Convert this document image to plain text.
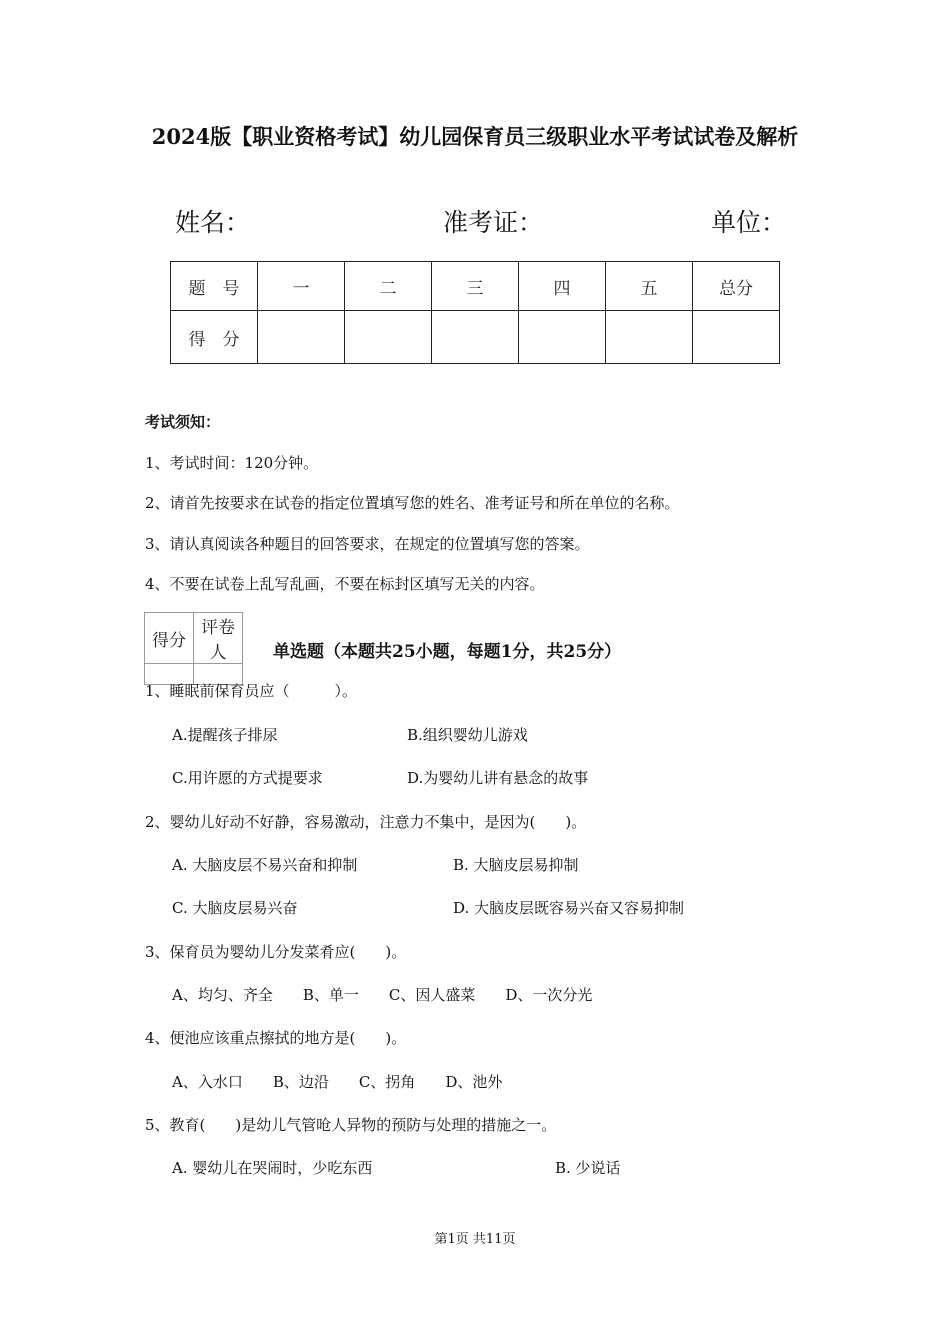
2024版【职业资格考试】幼儿园保育员三级职业水平考试试卷及解析
姓名：	准考证：	单位：
题　号	一	二	三	四	五	总分
得　分						
考试须知：
1、考试时间：120分钟。
2、请首先按要求在试卷的指定位置填写您的姓名、准考证号和所在单位的名称。
3、请认真阅读各种题目的回答要求，在规定的位置填写您的答案。
4、不要在试卷上乱写乱画，不要在标封区填写无关的内容。
得分	评卷人
		单选题（本题共25小题，每题1分，共25分）
1、睡眠前保育员应（　　　）。
A.提醒孩子排尿	B.组织婴幼儿游戏
C.用许愿的方式提要求	D.为婴幼儿讲有悬念的故事
2、婴幼儿好动不好静，容易激动，注意力不集中，是因为(　　)。
A. 大脑皮层不易兴奋和抑制	B. 大脑皮层易抑制
C. 大脑皮层易兴奋	D. 大脑皮层既容易兴奋又容易抑制
3、保育员为婴幼儿分发菜肴应(　　)。
A、均匀、齐全　　B、单一　　C、因人盛菜　　D、一次分光
4、便池应该重点擦拭的地方是(　　)。
A、入水口　　B、边沿　　C、拐角　　D、池外
5、教育(　　)是幼儿气管呛人异物的预防与处理的措施之一。
A. 婴幼儿在哭闹时，少吃东西	B. 少说话
第1页 共11页
